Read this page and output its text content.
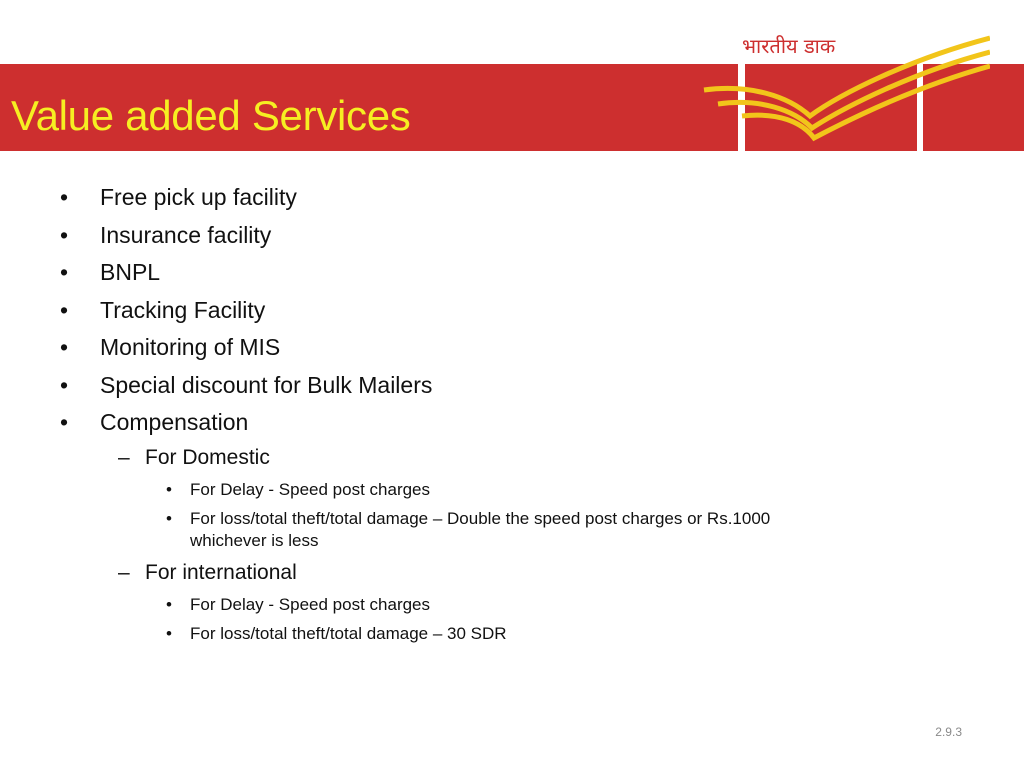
भारतीय डाक
Value added Services
• Free pick up facility
• Insurance facility
• BNPL
• Tracking Facility
• Monitoring of MIS
• Special discount for Bulk Mailers
• Compensation
– For Domestic
• For Delay - Speed post charges
• For loss/total theft/total damage – Double the speed post charges or Rs.1000
whichever is less
– For international
• For Delay - Speed post charges
• For loss/total theft/total damage – 30 SDR
2.9.3
